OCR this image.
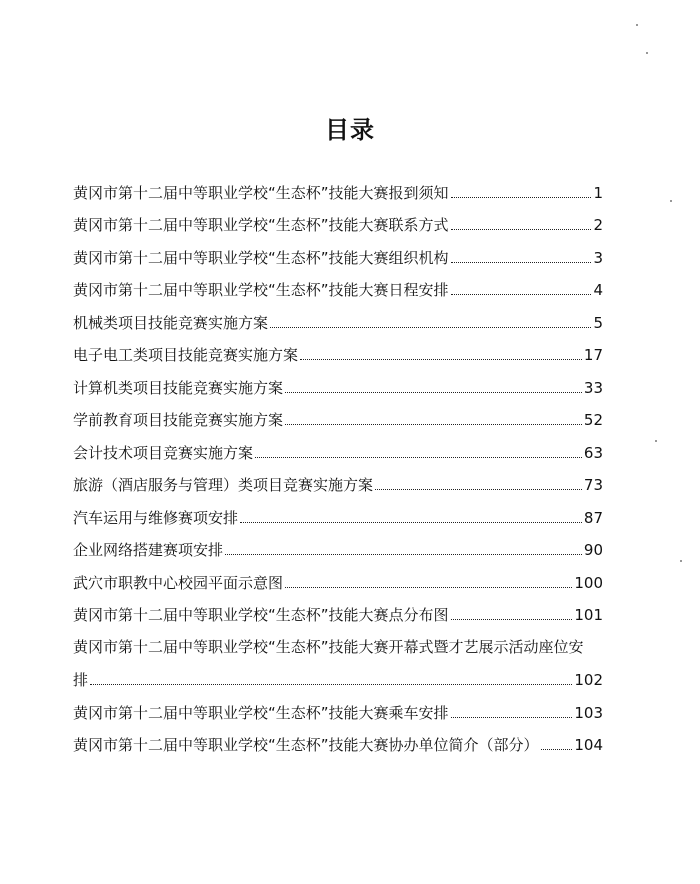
目录
黄冈市第十二届中等职业学校“生态杯”技能大赛报到须知	1
黄冈市第十二届中等职业学校“生态杯”技能大赛联系方式	2
黄冈市第十二届中等职业学校“生态杯”技能大赛组织机构	3
黄冈市第十二届中等职业学校“生态杯”技能大赛日程安排	4
机械类项目技能竞赛实施方案	5
电子电工类项目技能竞赛实施方案	17
计算机类项目技能竞赛实施方案	33
学前教育项目技能竞赛实施方案	52
会计技术项目竞赛实施方案	63
旅游（酒店服务与管理）类项目竞赛实施方案	73
汽车运用与维修赛项安排	87
企业网络搭建赛项安排	90
武穴市职教中心校园平面示意图	100
黄冈市第十二届中等职业学校“生态杯”技能大赛点分布图	101
黄冈市第十二届中等职业学校“生态杯”技能大赛开幕式暨才艺展示活动座位安
排	102
黄冈市第十二届中等职业学校“生态杯”技能大赛乘车安排	103
黄冈市第十二届中等职业学校“生态杯”技能大赛协办单位简介（部分） 104
